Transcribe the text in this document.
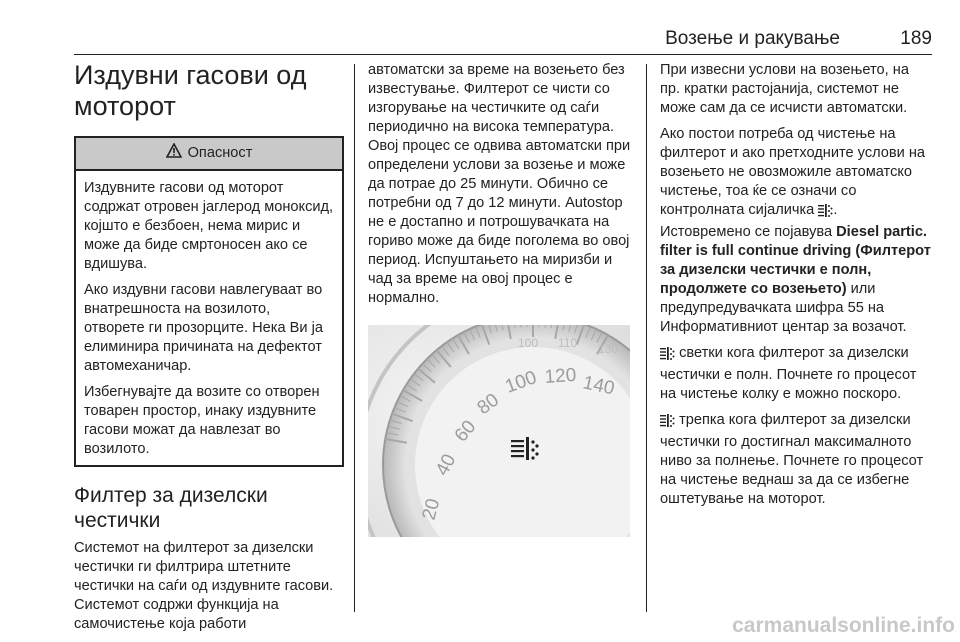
Возење и ракување	189
Издувни гасови од моторот
Опасност

Издувните гасови од моторот содржат отровен јаглерод моноксид, којшто е безбоен, нема мирис и може да биде смртоносен ако се вдишува.

Ако издувни гасови навлегуваат во внатрешноста на возилото, отворете ги прозорците. Нека Ви ја елиминира причината на дефектот автомеханичар.

Избегнувајте да возите со отворен товарен простор, инаку издувните гасови можат да навлезат во возилото.

Филтер за дизелски честички

Системот на филтерот за дизелски честички ги филтрира штетните честички на саѓи од издувните гасови. Системот содржи функција на самочистење која работи

автоматски за време на возењето без известување. Филтерот се чисти со изгорување на честичките од саѓи периодично на висока температура. Овој процес се одвива автоматски при определени услови за возење и може да потрае до 25 минути. Обично се потребни од 7 до 12 минути. Autostop не е достапно и потрошувачката на гориво може да биде поголема во овој период. Испуштањето на миризби и чад за време на овој процес е нормално.

100 110 130
20
40
60
80
100 120 140

При извесни услови на возењето, на пр. кратки растојанија, системот не може сам да се исчисти автоматски.

Ако постои потреба од чистење на филтерот и ако претходните услови на возењето не овозможиле автоматско чистење, тоа ќе се означи со контролната сијаличка . Истовремено се појавува Diesel partic. filter is full continue driving (Филтерот за дизелски честички е полн, продолжете со возењето) или предупредувачката шифра 55 на Информативниот центар за возачот.

светки кога филтерот за дизелски честички е полн. Почнете го процесот на чистење колку е можно поскоро.

трепка кога филтерот за дизелски честички го достигнал максималното ниво за полнење. Почнете го процесот на чистење веднаш за да се избегне оштетување на моторот.

carmanualsonline.info
